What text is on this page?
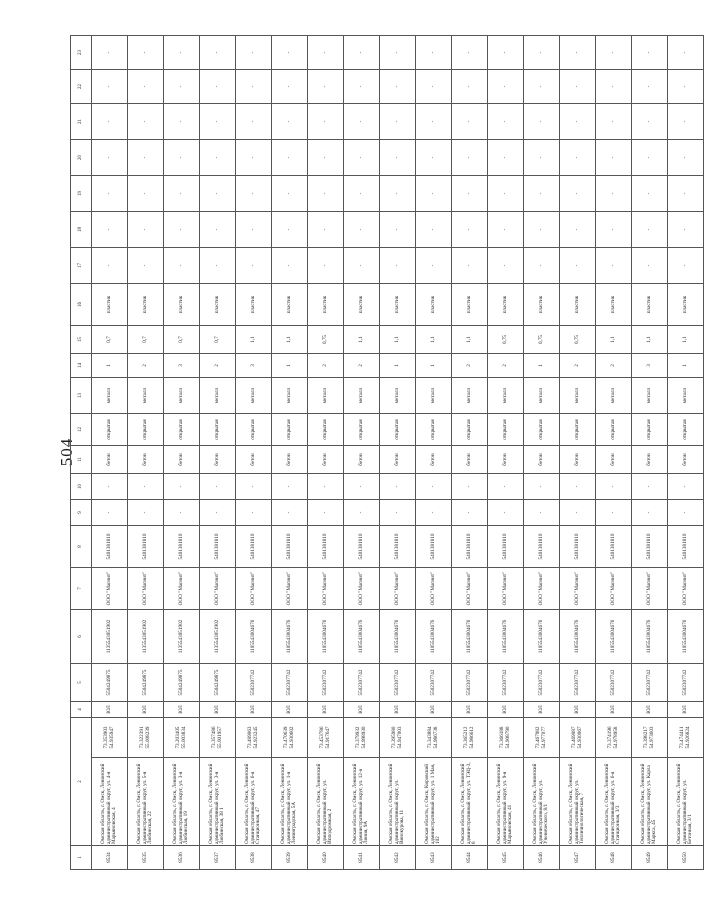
504
1	2		4	5	6	7	8	9	10	11	12	13	14	15	16	17	18	19	20	21	22	23
8534	Омская область, г. Омск, Ленинский административный округ, ул. 4-я Марьяновская, 4	73.353903 54.935947	ЮЛ	5504249875	1135543051902	ООО "Магнит"	5401381810	-	-	бетон	открытая	металл	1	0,7	пластик	-	-	-	-	-	-	-
8535	Омская область, г. Омск, Ленинский административный округ, ул. 5-я Любинская, 22	73.322391 55.008239	ЮЛ	5504249875	1135543051902	ООО "Магнит"	5401381810	-	-	бетон	открытая	металл	2	0,7	пластик	-	-	-	-	-	-	-
8536	Омская область, г. Омск, Ленинский административный округ, ул. 3-я Любинская, 19	73.203405 55.003834	ЮЛ	5504249875	1135543051902	ООО "Магнит"	5401381810	-	-	бетон	открытая	металл	3	0,7	пластик	-	-	-	-	-	-	-
8537	Омская область, г. Омск, Ленинский административный округ, ул. 3-я Любинская, 38 1	73.357486 55.001957	ЮЛ	5504249875	1135543051902	ООО "Магнит"	5401381810	-	-	бетон	открытая	металл	2	0,7	пластик	-	-	-	-	-	-	-
8538	Омская область, г. Омск, Ленинский административный округ, ул. 6-я Станционная, 47	73.489063 54.923245	ЮЛ	5502307742	1105543004676	ООО "Магнит"	5401381810	-	-	бетон	открытая	металл	3	1,1	пластик	-	-	-	-	-	-	-
8539	Омская область, г. Омск, Ленинский административный округ, ул. 1-я Ленинградская, 5А	73.470639 54.930602	ЮЛ	5502307742	1105543004676	ООО "Магнит"	5401381810	-	-	бетон	открытая	металл	1	1,1	пластик	-	-	-	-	-	-	-
8540	Омская область, г. Омск, Ленинский административный округ, ул. Ипподромная, 2	73.453786 54.917647	ЮЛ	5502307742	1105543004676	ООО "Магнит"	5401381810	-	-	бетон	открытая	металл	2	0,75	пластик	-	-	-	-	-	-	-
8541	Омская область, г. Омск, Ленинский административный округ, ул. 12-я Линия, 9А	73.379932 54.998930	ЮЛ	5502307742	1105543004676	ООО "Магнит"	5401381810	-	-	бетон	открытая	металл	2	1,1	пластик	-	-	-	-	-	-	-
8542	Омская область, г. Омск, Ленинский административный округ, ул. Винокурова, 11	73.395980 54.947003	ЮЛ	5502307742	1105543004676	ООО "Магнит"	5401381810	-	-	бетон	открытая	металл	1	1,1	пластик	-	-	-	-	-	-	-
8543	Омская область, г. Омск, Кировский административный округ, ул. 1 Мая, 102	73.343884 54.986738	ЮЛ	5502307742	1105543004676	ООО "Магнит"	5401381810	-	-	бетон	открытая	металл	1	1,1	пластик	-	-	-	-	-	-	-
8544	Омская область, г. Омск, Ленинский административный округ, ул. ТЭЦ-3, 8	73.365212 54.986612	ЮЛ	5502307742	1105543004676	ООО "Магнит"	5401381810	-	-	бетон	открытая	металл	2	1,1	пластик	-	-	-	-	-	-	-
8545	Омская область, г. Омск, Ленинский административный округ, ул. 9-я Марьяновская, 41	73.366188 54.908790	ЮЛ	5502307742	1105543004676	ООО "Магнит"	5401381810	-	-	бетон	открытая	металл	2	0,75	пластик	-	-	-	-	-	-	-
8546	Омская область, г. Омск, Ленинский административный округ, ул. Ученического, 8/1	73.467982 54.977077	ЮЛ	5502307742	1105543004676	ООО "Магнит"	5401381810	-	-	бетон	открытая	металл	1	0,75	пластик	-	-	-	-	-	-	-
8547	Омская область, г. Омск, Ленинский административный округ, ул. Тепличнологическая, 7	73.469087 54.930067	ЮЛ	5502307742	1105543004676	ООО "Магнит"	5401381810	-	-	бетон	открытая	металл	2	0,75	пластик	-	-	-	-	-	-	-
8548	Омская область, г. Омск, Ленинский административный округ, ул. 6-я Станционная, 3/3	73.374196 54.978958	ЮЛ	5502307742	1105543004676	ООО "Магнит"	5401381810	-	-	бетон	открытая	металл	2	1,1	пластик	-	-	-	-	-	-	-
8549	Омская область, г. Омск, Ленинский административный округ, ул. Карла Маркса, 45	73.398217 54.973603	ЮЛ	5502307742	1105543004676	ООО "Магнит"	5401381810	-	-	бетон	открытая	металл	3	1,1	пластик	-	-	-	-	-	-	-
8550	Омская область, г. Омск, Ленинский административный округ, ул. Бетонная, 3/1	73.474411 54.926824	ЮЛ	5502307742	1105543004676	ООО "Магнит"	5401381810	-	-	бетон	открытая	металл	1	1,1	пластик	-	-	-	-	-	-	-
